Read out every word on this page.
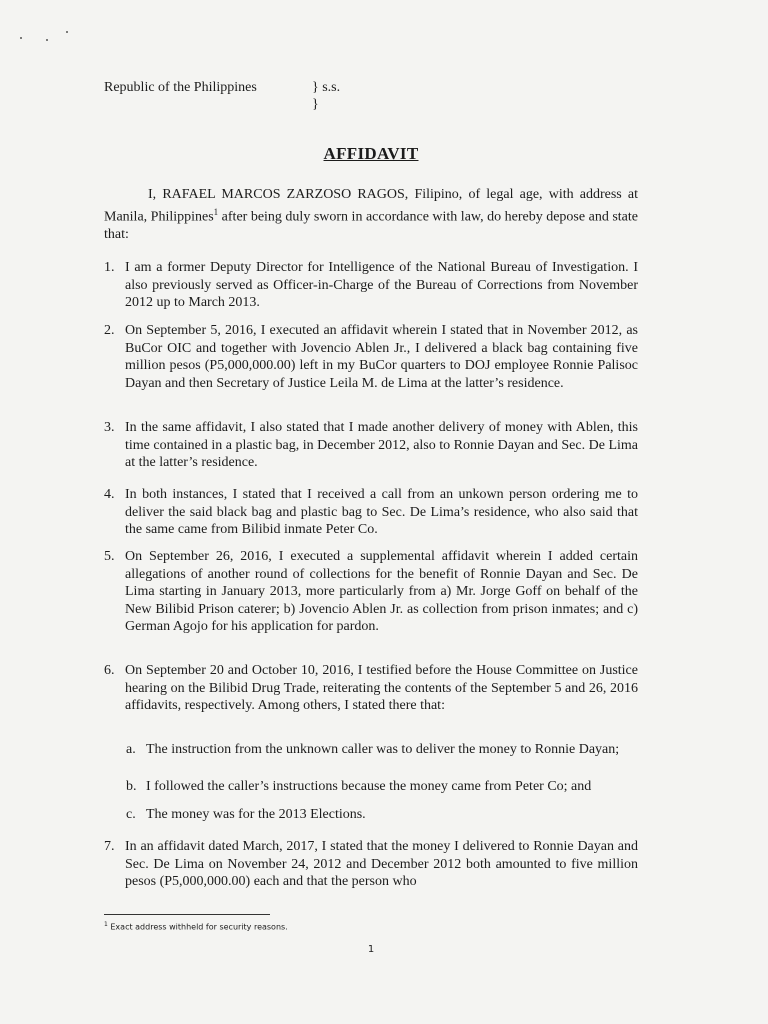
Republic of the Philippines	} s.s.
}
AFFIDAVIT

I, RAFAEL MARCOS ZARZOSO RAGOS, Filipino, of legal age, with address at Manila, Philippines$^1$ after being duly sworn in accordance with law, do hereby depose and state that:

1. I am a former Deputy Director for Intelligence of the National Bureau of Investigation. I also previously served as Officer-in-Charge of the Bureau of Corrections from November 2012 up to March 2013.
2. On September 5, 2016, I executed an affidavit wherein I stated that in November 2012, as BuCor OIC and together with Jovencio Ablen Jr., I delivered a black bag containing five million pesos (P5,000,000.00) left in my BuCor quarters to DOJ employee Ronnie Palisoc Dayan and then Secretary of Justice Leila M. de Lima at the latter’s residence.
3. In the same affidavit, I also stated that I made another delivery of money with Ablen, this time contained in a plastic bag, in December 2012, also to Ronnie Dayan and Sec. De Lima at the latter’s residence.
4. In both instances, I stated that I received a call from an unkown person ordering me to deliver the said black bag and plastic bag to Sec. De Lima’s residence, who also said that the same came from Bilibid inmate Peter Co.
5. On September 26, 2016, I executed a supplemental affidavit wherein I added certain allegations of another round of collections for the benefit of Ronnie Dayan and Sec. De Lima starting in January 2013, more particularly from a) Mr. Jorge Goff on behalf of the New Bilibid Prison caterer; b) Jovencio Ablen Jr. as collection from prison inmates; and c) German Agojo for his application for pardon.
6. On September 20 and October 10, 2016, I testified before the House Committee on Justice hearing on the Bilibid Drug Trade, reiterating the contents of the September 5 and 26, 2016 affidavits, respectively. Among others, I stated there that:
a. The instruction from the unknown caller was to deliver the money to Ronnie Dayan;
b. I followed the caller’s instructions because the money came from Peter Co; and
c. The money was for the 2013 Elections.
7. In an affidavit dated March, 2017, I stated that the money I delivered to Ronnie Dayan and Sec. De Lima on November 24, 2012 and December 2012 both amounted to five million pesos (P5,000,000.00) each and that the person who
$^1$ Exact address withheld for security reasons.
1
